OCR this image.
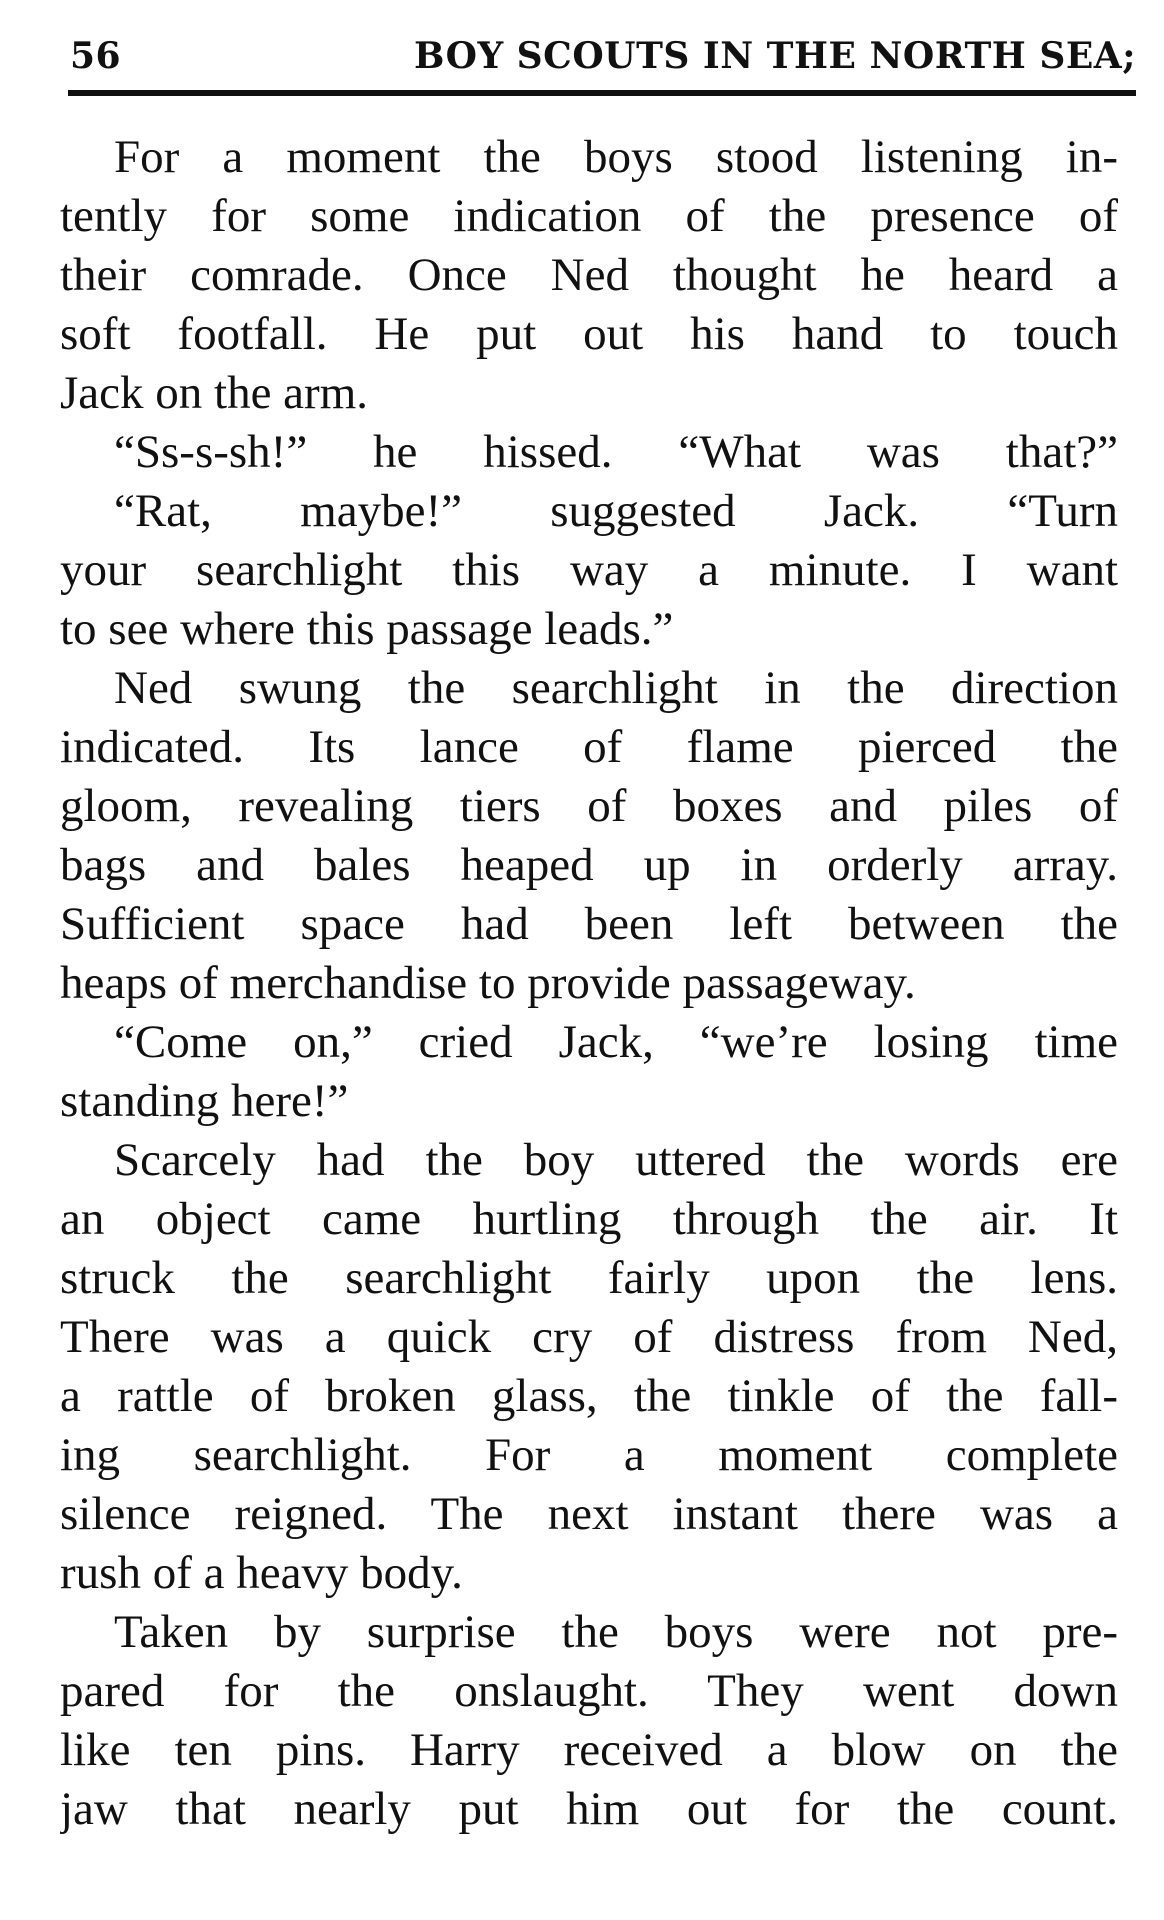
56	BOY SCOUTS IN THE NORTH SEA;
For a moment the boys stood listening in-
tently for some indication of the presence of
their comrade. Once Ned thought he heard a
soft footfall. He put out his hand to touch
Jack on the arm.
“Ss-s-sh!” he hissed. “What was that?”
“Rat, maybe!” suggested Jack. “Turn
your searchlight this way a minute. I want
to see where this passage leads.”
Ned swung the searchlight in the direction
indicated. Its lance of flame pierced the
gloom, revealing tiers of boxes and piles of
bags and bales heaped up in orderly array.
Sufficient space had been left between the
heaps of merchandise to provide passageway.
“Come on,” cried Jack, “we’re losing time
standing here!”
Scarcely had the boy uttered the words ere
an object came hurtling through the air. It
struck the searchlight fairly upon the lens.
There was a quick cry of distress from Ned,
a rattle of broken glass, the tinkle of the fall-
ing searchlight. For a moment complete
silence reigned. The next instant there was a
rush of a heavy body.
Taken by surprise the boys were not pre-
pared for the onslaught. They went down
like ten pins. Harry received a blow on the
jaw that nearly put him out for the count.
